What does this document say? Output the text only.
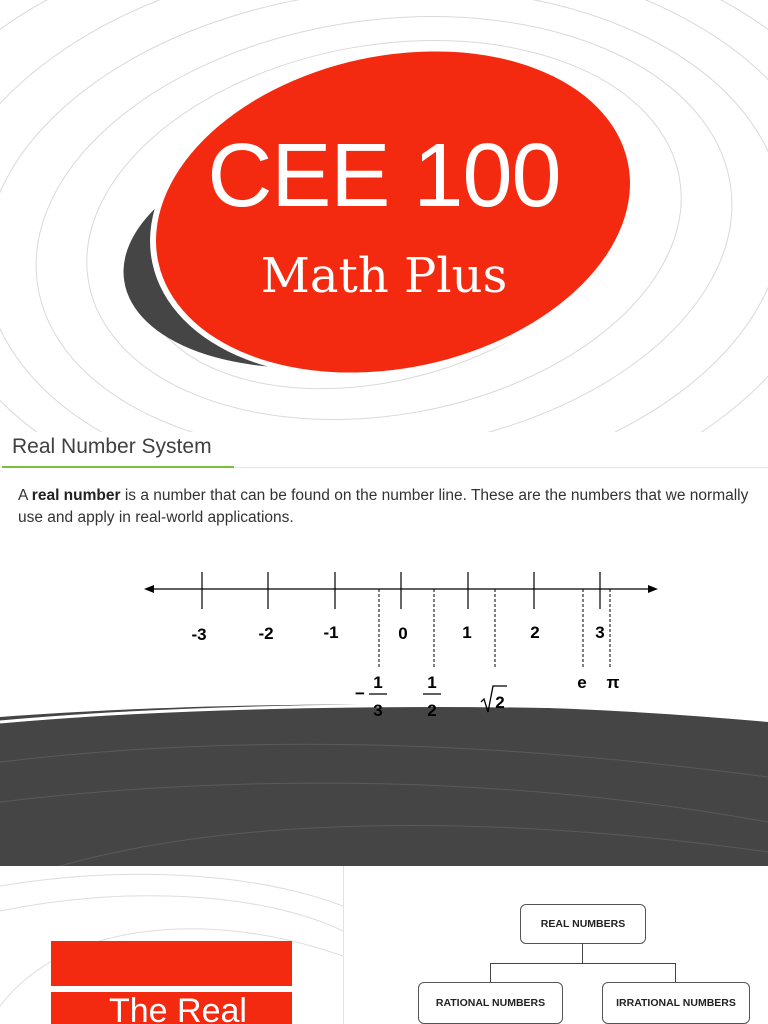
CEE 100
Math Plus
Real Number System
A real number is a number that can be found on the number line. These are the numbers that we normally use and apply in real-world applications.
-3	-2	-1	0	1	2	3
−
1
3
1
2	2
e π
The Real
REAL NUMBERS
RATIONAL NUMBERS	IRRATIONAL NUMBERS
